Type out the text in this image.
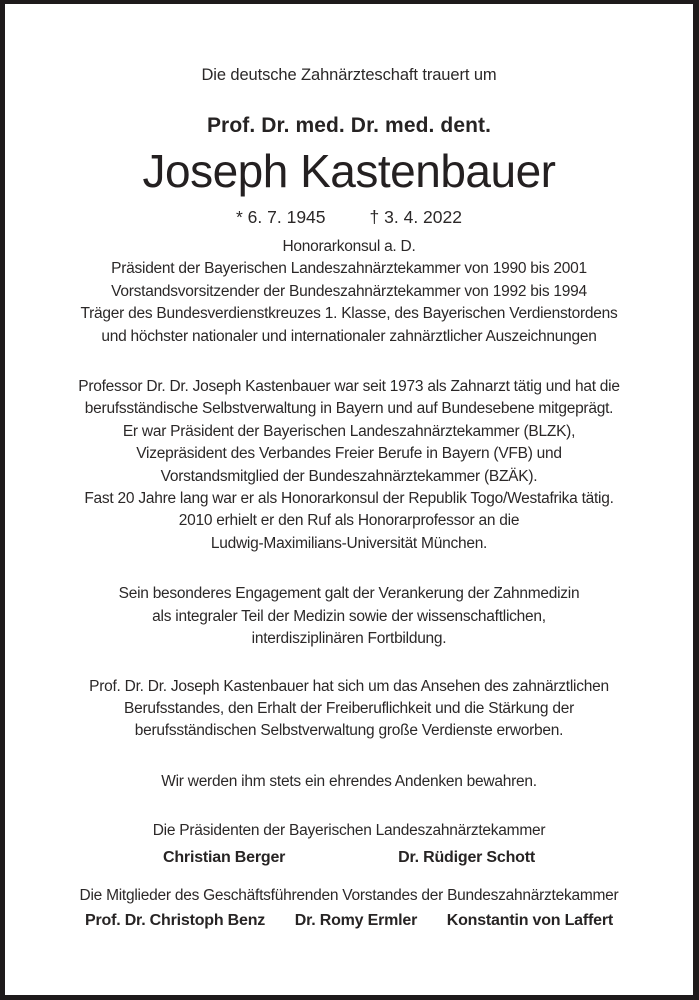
Die deutsche Zahnärzteschaft trauert um
Prof. Dr. med. Dr. med. dent.
Joseph Kastenbauer
* 6. 7. 1945	† 3. 4. 2022
Honorarkonsul a. D.
Präsident der Bayerischen Landeszahnärztekammer von 1990 bis 2001
Vorstandsvorsitzender der Bundeszahnärztekammer von 1992 bis 1994
Träger des Bundesverdienstkreuzes 1. Klasse, des Bayerischen Verdienstordens
und höchster nationaler und internationaler zahnärztlicher Auszeichnungen
Professor Dr. Dr. Joseph Kastenbauer war seit 1973 als Zahnarzt tätig und hat die
berufsständische Selbstverwaltung in Bayern und auf Bundesebene mitgeprägt.
Er war Präsident der Bayerischen Landeszahnärztekammer (BLZK),
Vizepräsident des Verbandes Freier Berufe in Bayern (VFB) und
Vorstandsmitglied der Bundeszahnärztekammer (BZÄK).
Fast 20 Jahre lang war er als Honorarkonsul der Republik Togo/Westafrika tätig.
2010 erhielt er den Ruf als Honorarprofessor an die
Ludwig-Maximilians-Universität München.
Sein besonderes Engagement galt der Verankerung der Zahnmedizin
als integraler Teil der Medizin sowie der wissenschaftlichen,
interdisziplinären Fortbildung.
Prof. Dr. Dr. Joseph Kastenbauer hat sich um das Ansehen des zahnärztlichen
Berufsstandes, den Erhalt der Freiberuflichkeit und die Stärkung der
berufsständischen Selbstverwaltung große Verdienste erworben.
Wir werden ihm stets ein ehrendes Andenken bewahren.
Die Präsidenten der Bayerischen Landeszahnärztekammer
Christian Berger	Dr. Rüdiger Schott
Die Mitglieder des Geschäftsführenden Vorstandes der Bundeszahnärztekammer
Prof. Dr. Christoph Benz Dr. Romy Ermler Konstantin von Laffert
